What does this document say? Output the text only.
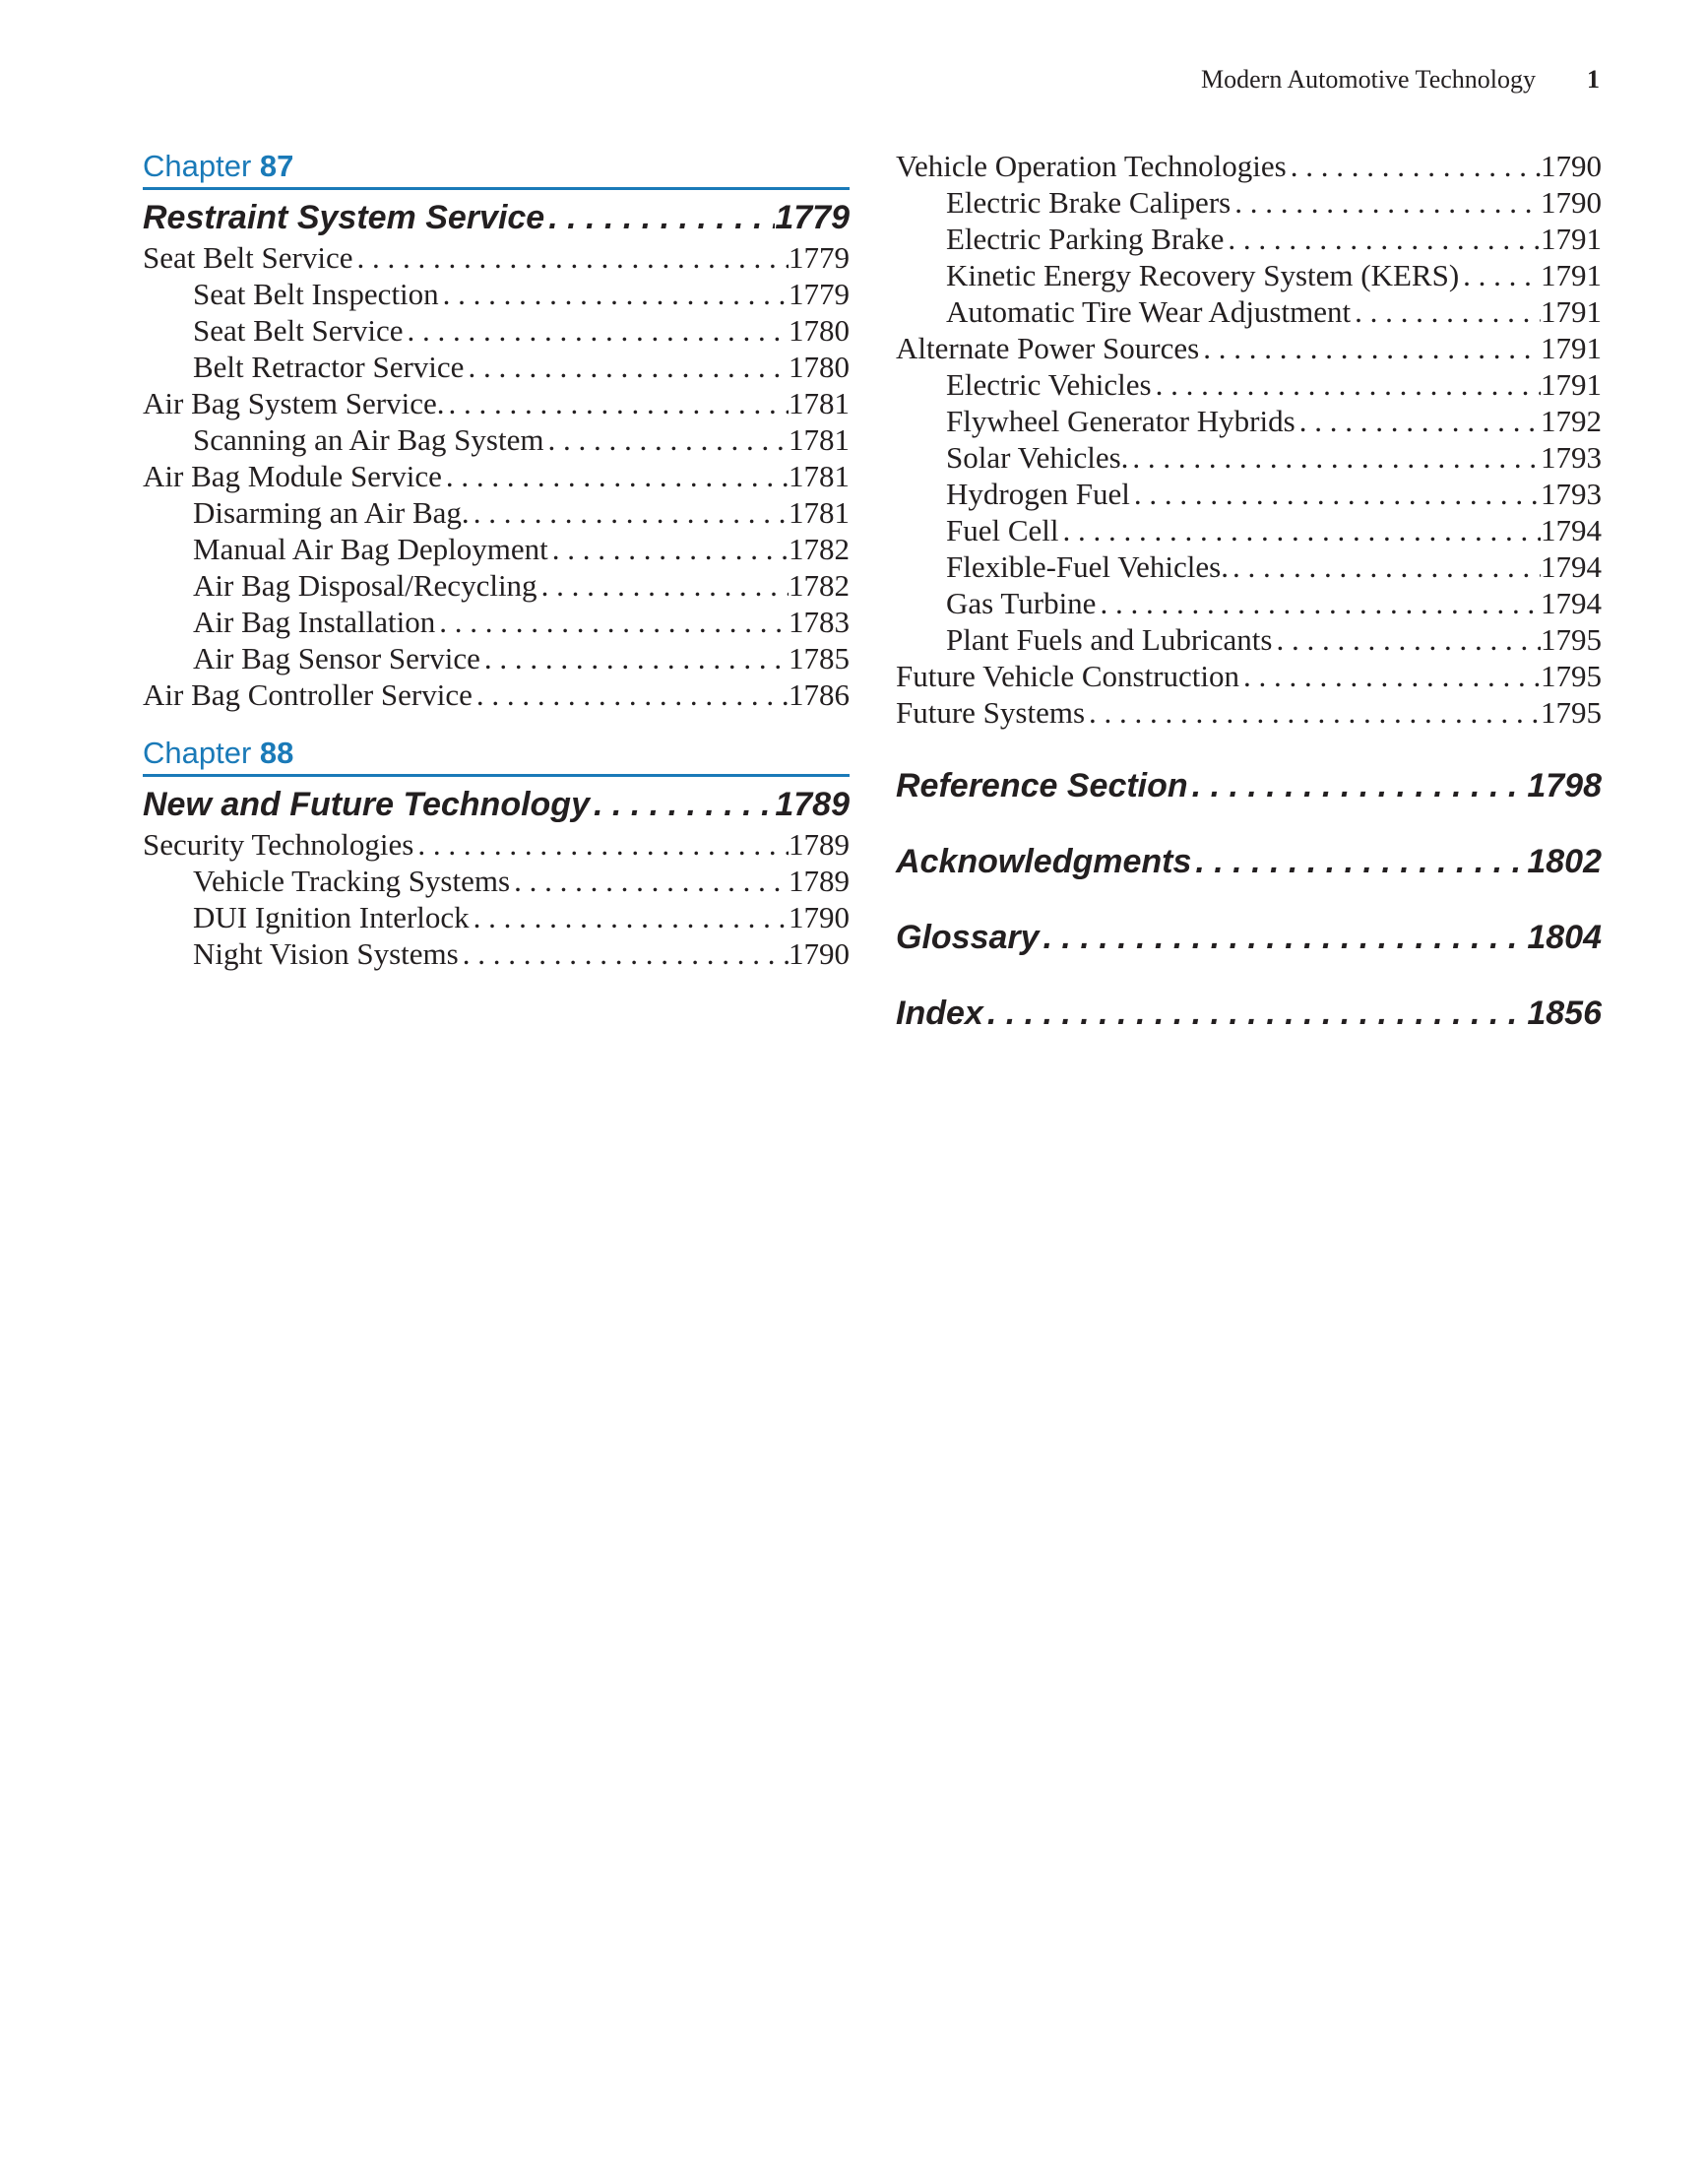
Modern Automotive Technology 1
Chapter 87
Restraint System Service . . .	1779
Seat Belt Service . . .	1779
Seat Belt Inspection . . .	1779
Seat Belt Service . . .	1780
Belt Retractor Service . . .	1780
Air Bag System Service. . . .	1781
Scanning an Air Bag System . . .	1781
Air Bag Module Service . . .	1781
Disarming an Air Bag. . . .	1781
Manual Air Bag Deployment . . .	1782
Air Bag Disposal/Recycling . . .	1782
Air Bag Installation . . .	1783
Air Bag Sensor Service . . .	1785
Air Bag Controller Service . . .	1786
Chapter 88
New and Future Technology . . .	1789
Security Technologies . . .	1789
Vehicle Tracking Systems . . .	1789
DUI Ignition Interlock . . .	1790
Night Vision Systems . . .	1790
Vehicle Operation Technologies . . .	1790
Electric Brake Calipers . . .	1790
Electric Parking Brake . . .	1791
Kinetic Energy Recovery System (KERS) . . .	1791
Automatic Tire Wear Adjustment . . .	1791
Alternate Power Sources . . .	1791
Electric Vehicles . . .	1791
Flywheel Generator Hybrids . . .	1792
Solar Vehicles. . . .	1793
Hydrogen Fuel . . .	1793
Fuel Cell . . .	1794
Flexible-Fuel Vehicles. . . .	1794
Gas Turbine . . .	1794
Plant Fuels and Lubricants . . .	1795
Future Vehicle Construction . . .	1795
Future Systems . . .	1795
Reference Section . . .	1798
Acknowledgments . . .	1802
Glossary . . .	1804
Index . . .	1856
